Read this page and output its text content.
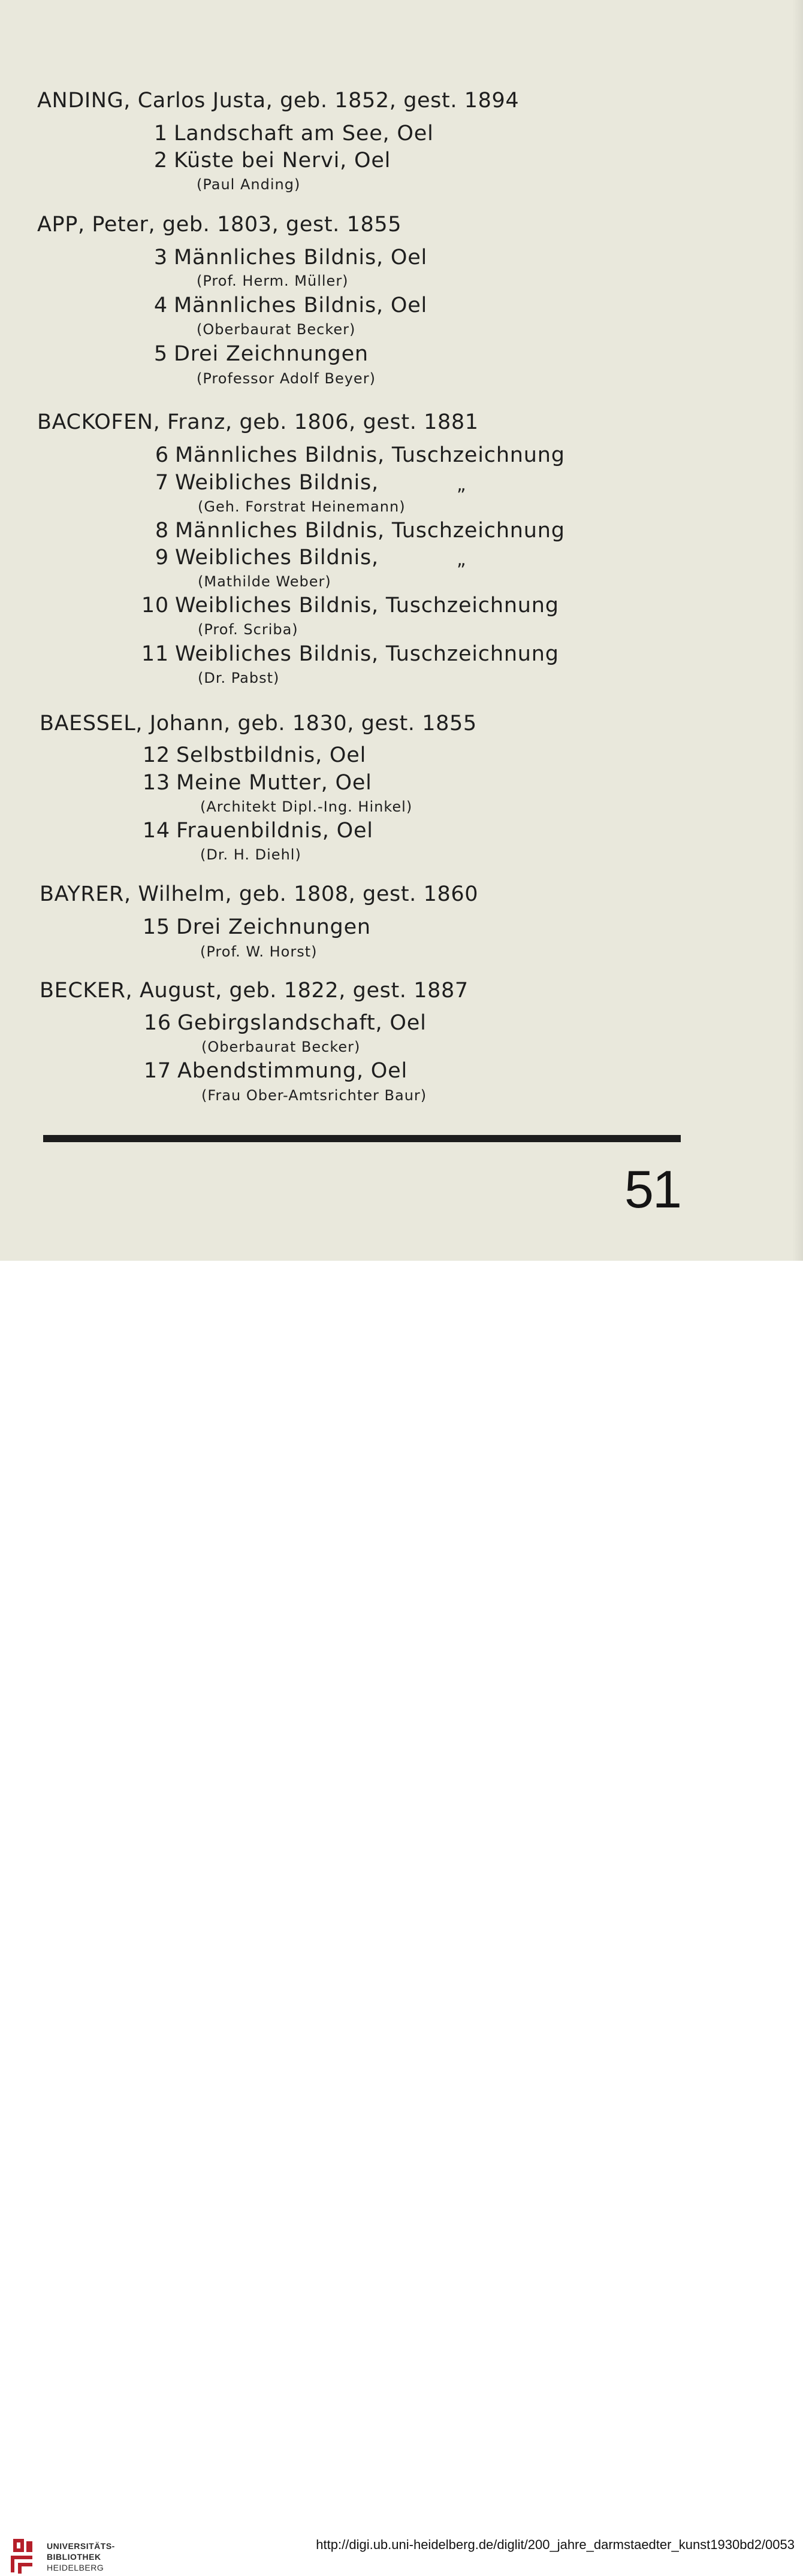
ANDING, Carlos Justa, geb. 1852, gest. 1894
1 Landschaft am See, Oel
2 Küste bei Nervi, Oel
(Paul Anding)
APP, Peter, geb. 1803, gest. 1855
3 Männliches Bildnis, Oel
(Prof. Herm. Müller)
4 Männliches Bildnis, Oel
(Oberbaurat Becker)
5 Drei Zeichnungen
(Professor Adolf Beyer)
BACKOFEN, Franz, geb. 1806, gest. 1881
6 Männliches Bildnis, Tuschzeichnung
7 Weibliches Bildnis,	„
(Geh. Forstrat Heinemann)
8 Männliches Bildnis, Tuschzeichnung
9 Weibliches Bildnis,	„
(Mathilde Weber)
10 Weibliches Bildnis, Tuschzeichnung
(Prof. Scriba)
11 Weibliches Bildnis, Tuschzeichnung
(Dr. Pabst)
BAESSEL, Johann, geb. 1830, gest. 1855
12 Selbstbildnis, Oel
13 Meine Mutter, Oel
(Architekt Dipl.-Ing. Hinkel)
14 Frauenbildnis, Oel
(Dr. H. Diehl)
BAYRER, Wilhelm, geb. 1808, gest. 1860
15 Drei Zeichnungen
(Prof. W. Horst)
BECKER, August, geb. 1822, gest. 1887
16 Gebirgslandschaft, Oel
(Oberbaurat Becker)
17 Abendstimmung, Oel
(Frau Ober-Amtsrichter Baur)
51
UNIVERSITÄTS-
BIBLIOTHEK
HEIDELBERG
http://digi.ub.uni-heidelberg.de/diglit/200_jahre_darmstaedter_kunst1930bd2/0053
